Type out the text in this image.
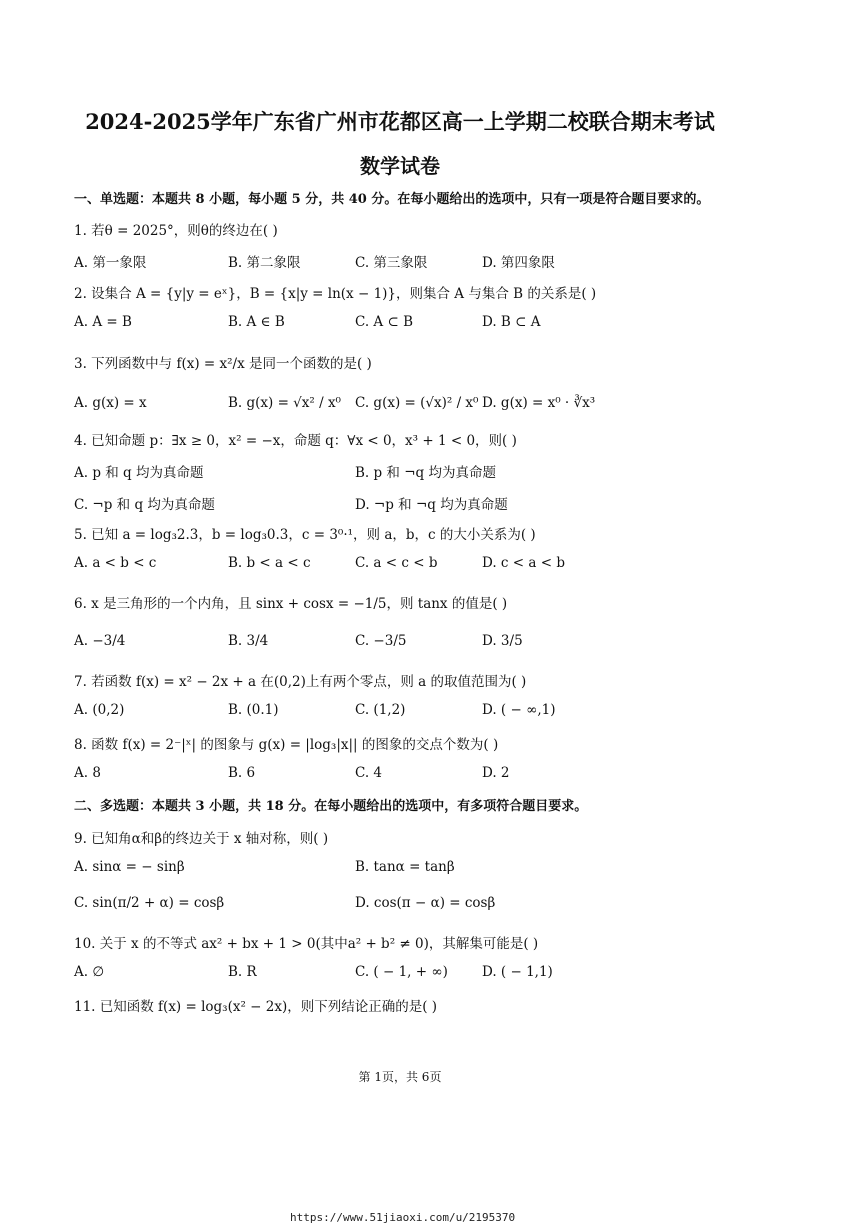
2024-2025学年广东省广州市花都区高一上学期二校联合期末考试
数学试卷
一、单选题：本题共 8 小题，每小题 5 分，共 40 分。在每小题给出的选项中，只有一项是符合题目要求的。
1. 若θ = 2025°，则θ的终边在( )
A. 第一象限	B. 第二象限	C. 第三象限	D. 第四象限
2. 设集合 A = {y|y = eˣ}，B = {x|y = ln(x − 1)}，则集合 A 与集合 B 的关系是( )
A. A = B	B. A ∈ B	C. A ⊂ B	D. B ⊂ A
3. 下列函数中与 f(x) = x²/x 是同一个函数的是( )
A. g(x) = x	B. g(x) = √x² / x⁰ C. g(x) = (√x)² / x⁰ D. g(x) = x⁰ · ∛x³
4. 已知命题 p：∃x ≥ 0，x² = −x，命题 q：∀x < 0，x³ + 1 < 0，则( )
A. p 和 q 均为真命题	B. p 和 ¬q 均为真命题
C. ¬p 和 q 均为真命题	D. ¬p 和 ¬q 均为真命题
5. 已知 a = log₃2.3，b = log₃0.3，c = 3⁰·¹，则 a，b，c 的大小关系为( )
A. a < b < c	B. b < a < c	C. a < c < b	D. c < a < b
6. x 是三角形的一个内角，且 sinx + cosx = −1/5，则 tanx 的值是( )
A. −3/4	B. 3/4	C. −3/5	D. 3/5
7. 若函数 f(x) = x² − 2x + a 在(0,2)上有两个零点，则 a 的取值范围为( )
A. (0,2)	B. (0.1)	C. (1,2)	D. ( − ∞,1)
8. 函数 f(x) = 2⁻|ˣ| 的图象与 g(x) = |log₃|x|| 的图象的交点个数为( )
A. 8	B. 6	C. 4	D. 2
二、多选题：本题共 3 小题，共 18 分。在每小题给出的选项中，有多项符合题目要求。
9. 已知角α和β的终边关于 x 轴对称，则( )
A. sinα = − sinβ	B. tanα = tanβ
C. sin(π/2 + α) = cosβ	D. cos(π − α) = cosβ
10. 关于 x 的不等式 ax² + bx + 1 > 0(其中a² + b² ≠ 0)，其解集可能是( )
A. ∅	B. R	C. ( − 1, + ∞)	D. ( − 1,1)
11. 已知函数 f(x) = log₃(x² − 2x)，则下列结论正确的是( )
第 1页，共 6页
https://www.51jiaoxi.com/u/2195370
